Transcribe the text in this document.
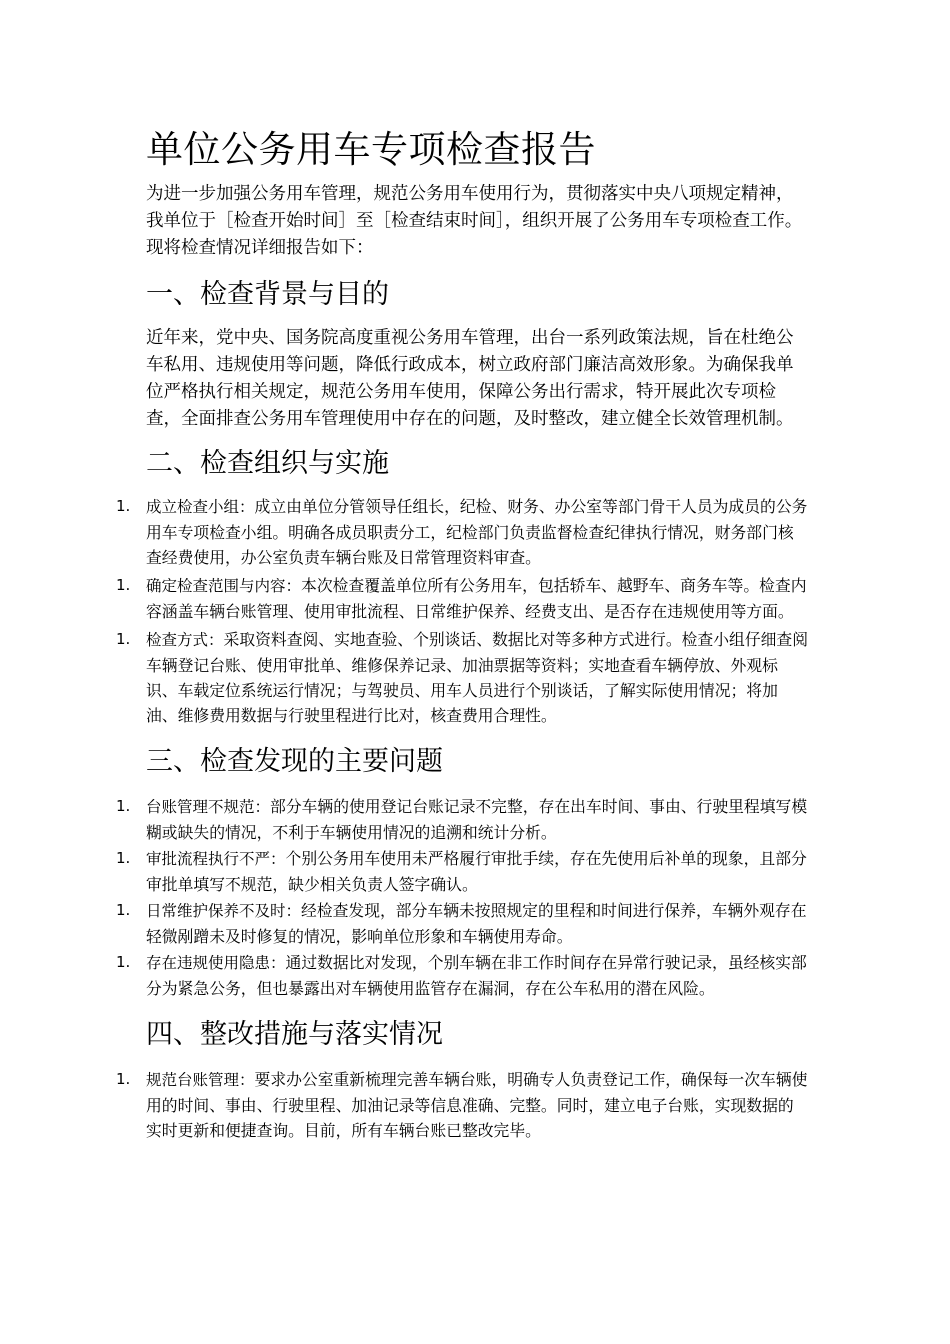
单位公务用车专项检查报告

为进一步加强公务用车管理，规范公务用车使用行为，贯彻落实中央八项规定精神，我单位于［检查开始时间］至［检查结束时间］，组织开展了公务用车专项检查工作。现将检查情况详细报告如下：

一、检查背景与目的

近年来，党中央、国务院高度重视公务用车管理，出台一系列政策法规，旨在杜绝公车私用、违规使用等问题，降低行政成本，树立政府部门廉洁高效形象。为确保我单位严格执行相关规定，规范公务用车使用，保障公务出行需求，特开展此次专项检查，全面排查公务用车管理使用中存在的问题，及时整改，建立健全长效管理机制。

二、检查组织与实施
1. 成立检查小组：成立由单位分管领导任组长，纪检、财务、办公室等部门骨干人员为成员的公务用车专项检查小组。明确各成员职责分工，纪检部门负责监督检查纪律执行情况，财务部门核查经费使用，办公室负责车辆台账及日常管理资料审查。
1. 确定检查范围与内容：本次检查覆盖单位所有公务用车，包括轿车、越野车、商务车等。检查内容涵盖车辆台账管理、使用审批流程、日常维护保养、经费支出、是否存在违规使用等方面。
1. 检查方式：采取资料查阅、实地查验、个别谈话、数据比对等多种方式进行。检查小组仔细查阅车辆登记台账、使用审批单、维修保养记录、加油票据等资料；实地查看车辆停放、外观标识、车载定位系统运行情况；与驾驶员、用车人员进行个别谈话，了解实际使用情况；将加油、维修费用数据与行驶里程进行比对，核查费用合理性。
三、检查发现的主要问题
1. 台账管理不规范：部分车辆的使用登记台账记录不完整，存在出车时间、事由、行驶里程填写模糊或缺失的情况，不利于车辆使用情况的追溯和统计分析。
1. 审批流程执行不严：个别公务用车使用未严格履行审批手续，存在先使用后补单的现象，且部分审批单填写不规范，缺少相关负责人签字确认。
1. 日常维护保养不及时：经检查发现，部分车辆未按照规定的里程和时间进行保养，车辆外观存在轻微剐蹭未及时修复的情况，影响单位形象和车辆使用寿命。
1. 存在违规使用隐患：通过数据比对发现，个别车辆在非工作时间存在异常行驶记录，虽经核实部分为紧急公务，但也暴露出对车辆使用监管存在漏洞，存在公车私用的潜在风险。
四、整改措施与落实情况
1. 规范台账管理：要求办公室重新梳理完善车辆台账，明确专人负责登记工作，确保每一次车辆使用的时间、事由、行驶里程、加油记录等信息准确、完整。同时，建立电子台账，实现数据的实时更新和便捷查询。目前，所有车辆台账已整改完毕。
